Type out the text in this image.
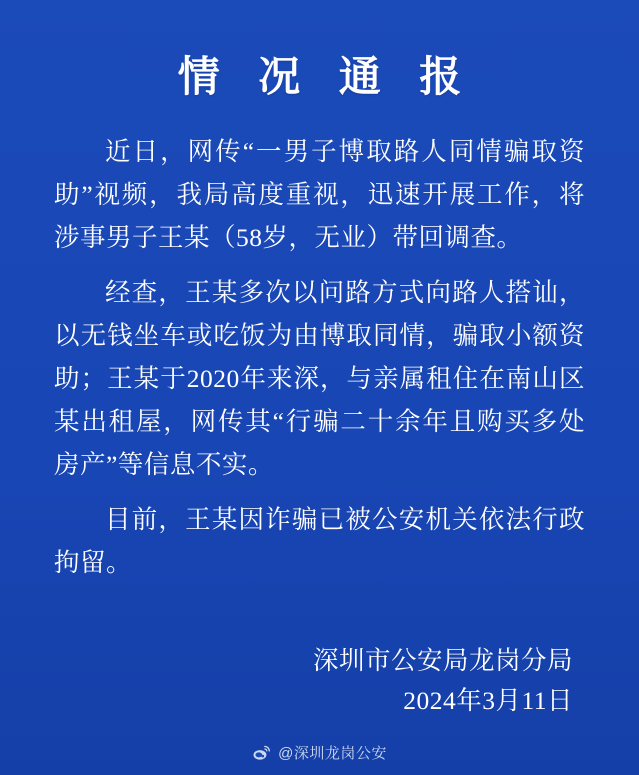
情 况 通 报

近日，网传“一男子博取路人同情骗取资助”视频，我局高度重视，迅速开展工作，将涉事男子王某（58岁，无业）带回调查。

经查，王某多次以问路方式向路人搭讪，以无钱坐车或吃饭为由博取同情，骗取小额资助；王某于2020年来深，与亲属租住在南山区某出租屋，网传其“行骗二十余年且购买多处房产”等信息不实。

目前，王某因诈骗已被公安机关依法行政拘留。

深圳市公安局龙岗分局
2024年3月11日
@深圳龙岗公安
